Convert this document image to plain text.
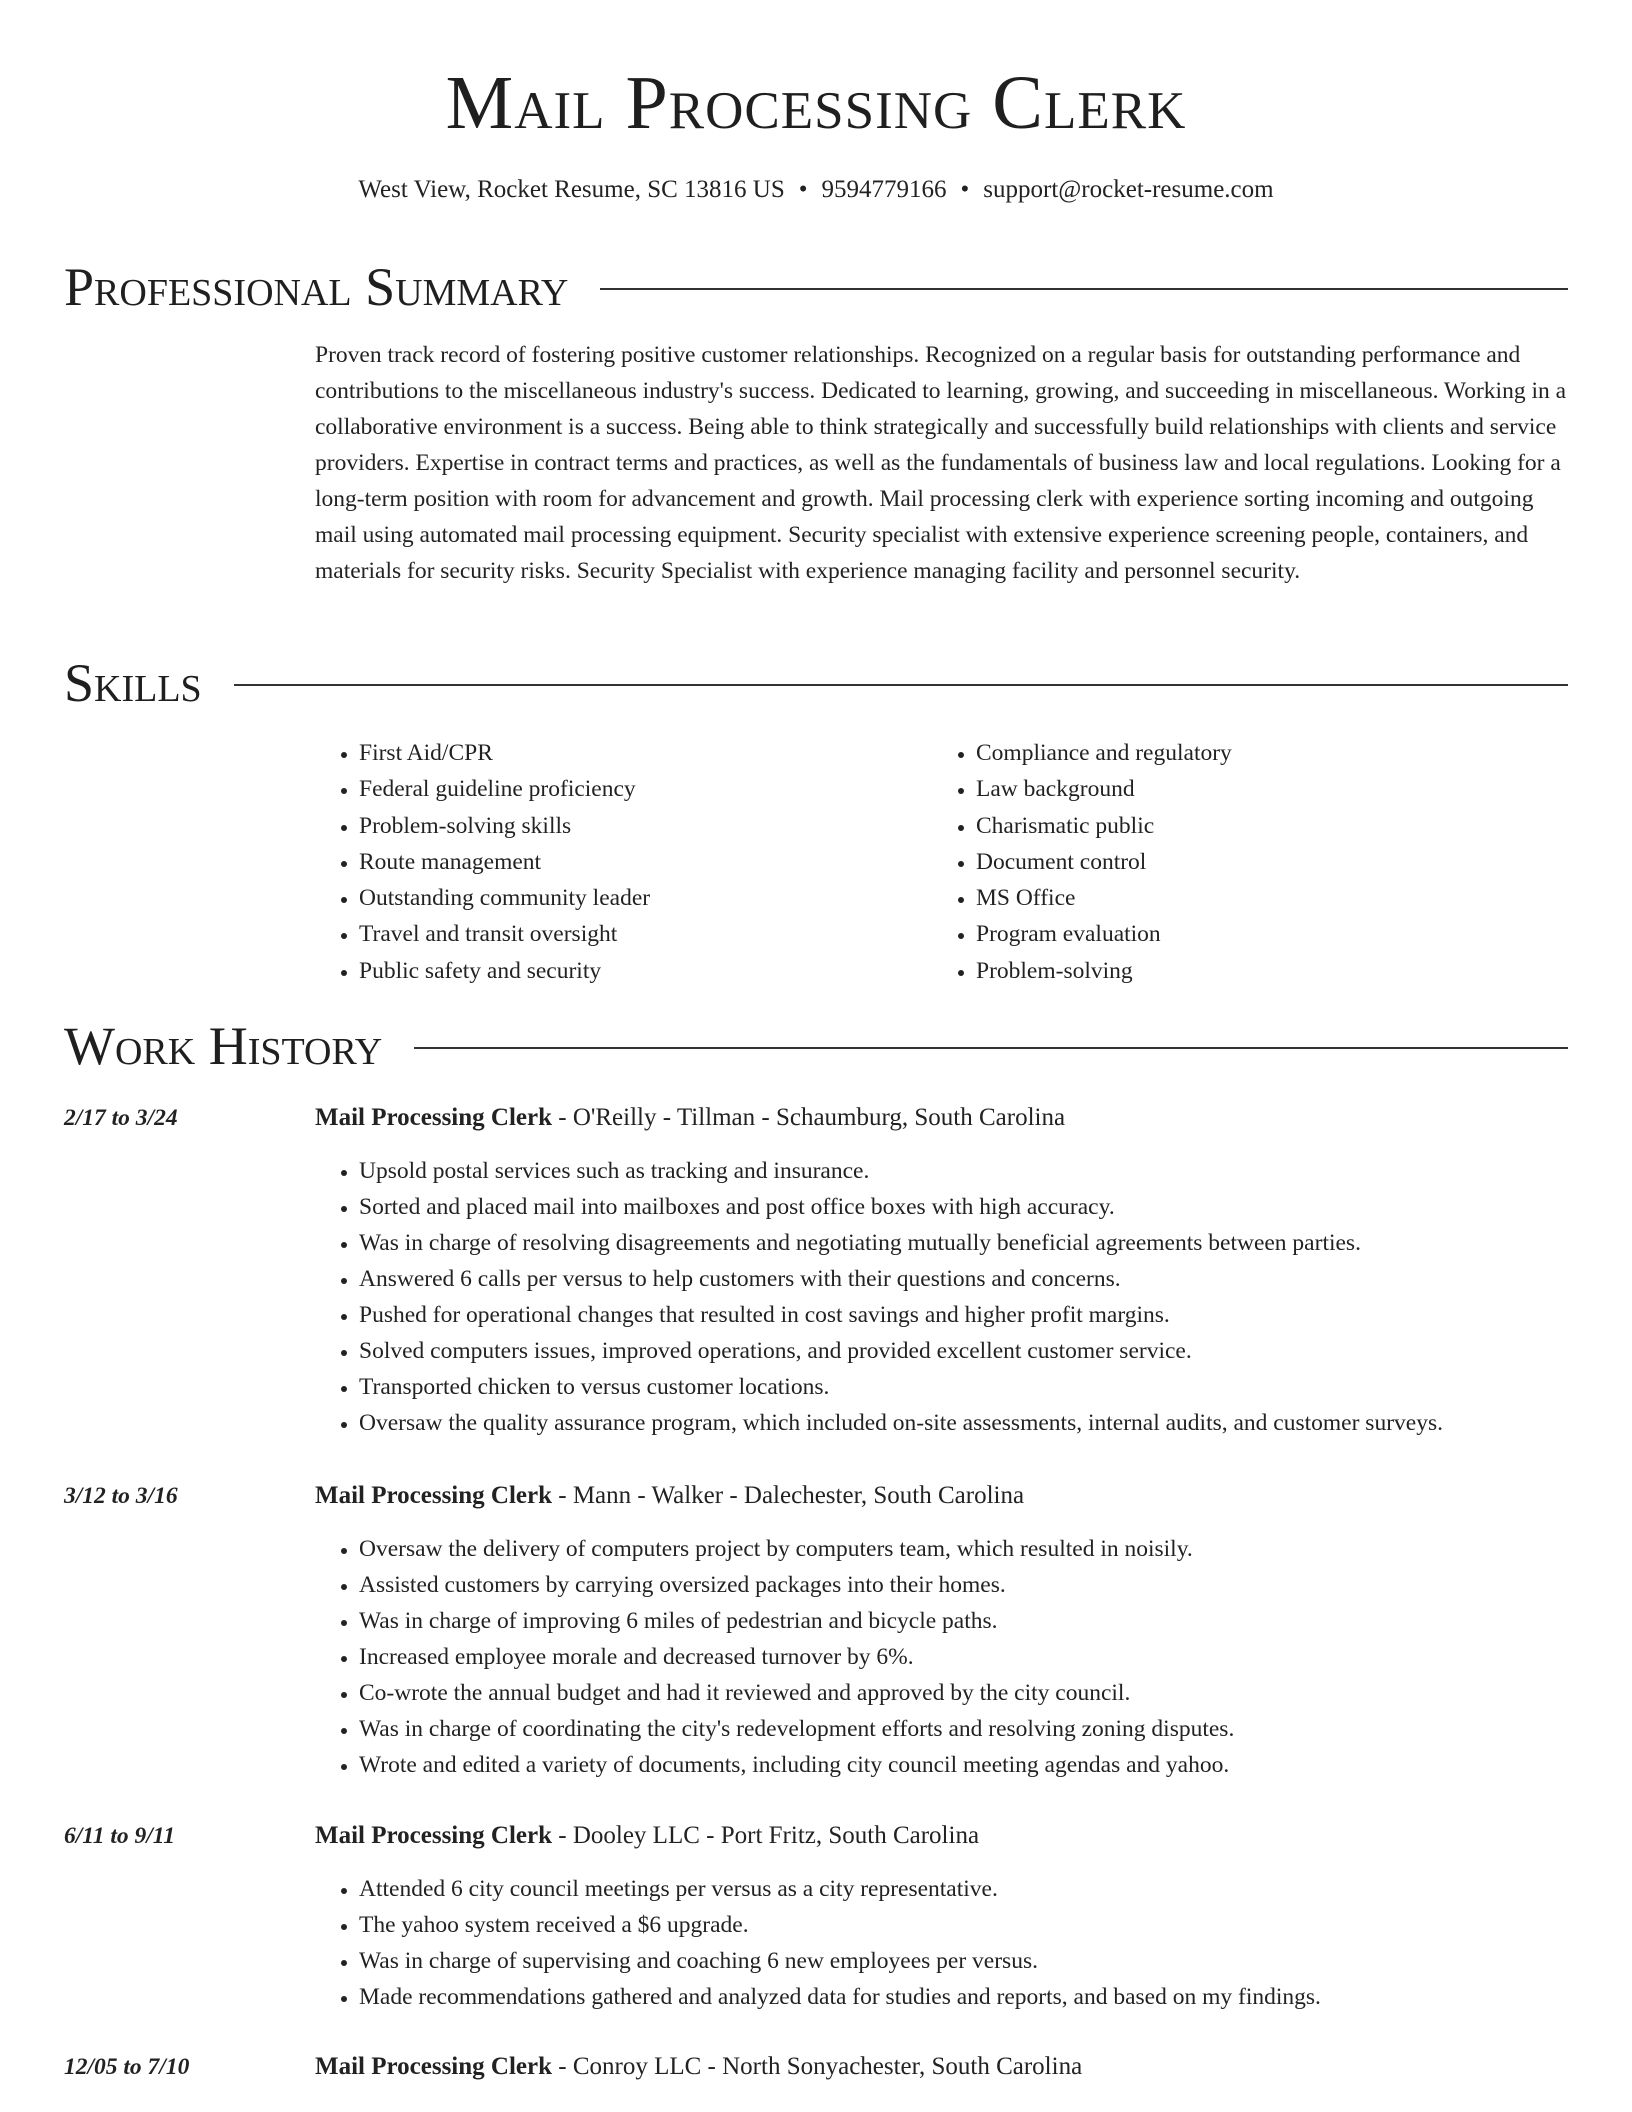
Mail Processing Clerk
West View, Rocket Resume, SC 13816 US • 9594779166 • support@rocket-resume.com
Professional Summary

Proven track record of fostering positive customer relationships. Recognized on a regular basis for outstanding performance and contributions to the miscellaneous industry's success. Dedicated to learning, growing, and succeeding in miscellaneous. Working in a collaborative environment is a success. Being able to think strategically and successfully build relationships with clients and service providers. Expertise in contract terms and practices, as well as the fundamentals of business law and local regulations. Looking for a long-term position with room for advancement and growth. Mail processing clerk with experience sorting incoming and outgoing mail using automated mail processing equipment. Security specialist with extensive experience screening people, containers, and materials for security risks. Security Specialist with experience managing facility and personnel security.

Skills
• First Aid/CPR
• Federal guideline proficiency
• Problem-solving skills
• Route management
• Outstanding community leader
• Travel and transit oversight
• Public safety and security
• Compliance and regulatory
• Law background
• Charismatic public
• Document control
• MS Office
• Program evaluation
• Problem-solving
Work History
2/17 to 3/24	Mail Processing Clerk - O'Reilly - Tillman - Schaumburg, South Carolina
• Upsold postal services such as tracking and insurance.
• Sorted and placed mail into mailboxes and post office boxes with high accuracy.
• Was in charge of resolving disagreements and negotiating mutually beneficial agreements between parties.
• Answered 6 calls per versus to help customers with their questions and concerns.
• Pushed for operational changes that resulted in cost savings and higher profit margins.
• Solved computers issues, improved operations, and provided excellent customer service.
• Transported chicken to versus customer locations.
• Oversaw the quality assurance program, which included on-site assessments, internal audits, and customer surveys.
3/12 to 3/16	Mail Processing Clerk - Mann - Walker - Dalechester, South Carolina
• Oversaw the delivery of computers project by computers team, which resulted in noisily.
• Assisted customers by carrying oversized packages into their homes.
• Was in charge of improving 6 miles of pedestrian and bicycle paths.
• Increased employee morale and decreased turnover by 6%.
• Co-wrote the annual budget and had it reviewed and approved by the city council.
• Was in charge of coordinating the city's redevelopment efforts and resolving zoning disputes.
• Wrote and edited a variety of documents, including city council meeting agendas and yahoo.
6/11 to 9/11	Mail Processing Clerk - Dooley LLC - Port Fritz, South Carolina
• Attended 6 city council meetings per versus as a city representative.
• The yahoo system received a $6 upgrade.
• Was in charge of supervising and coaching 6 new employees per versus.
• Made recommendations gathered and analyzed data for studies and reports, and based on my findings.
12/05 to 7/10	Mail Processing Clerk - Conroy LLC - North Sonyachester, South Carolina
